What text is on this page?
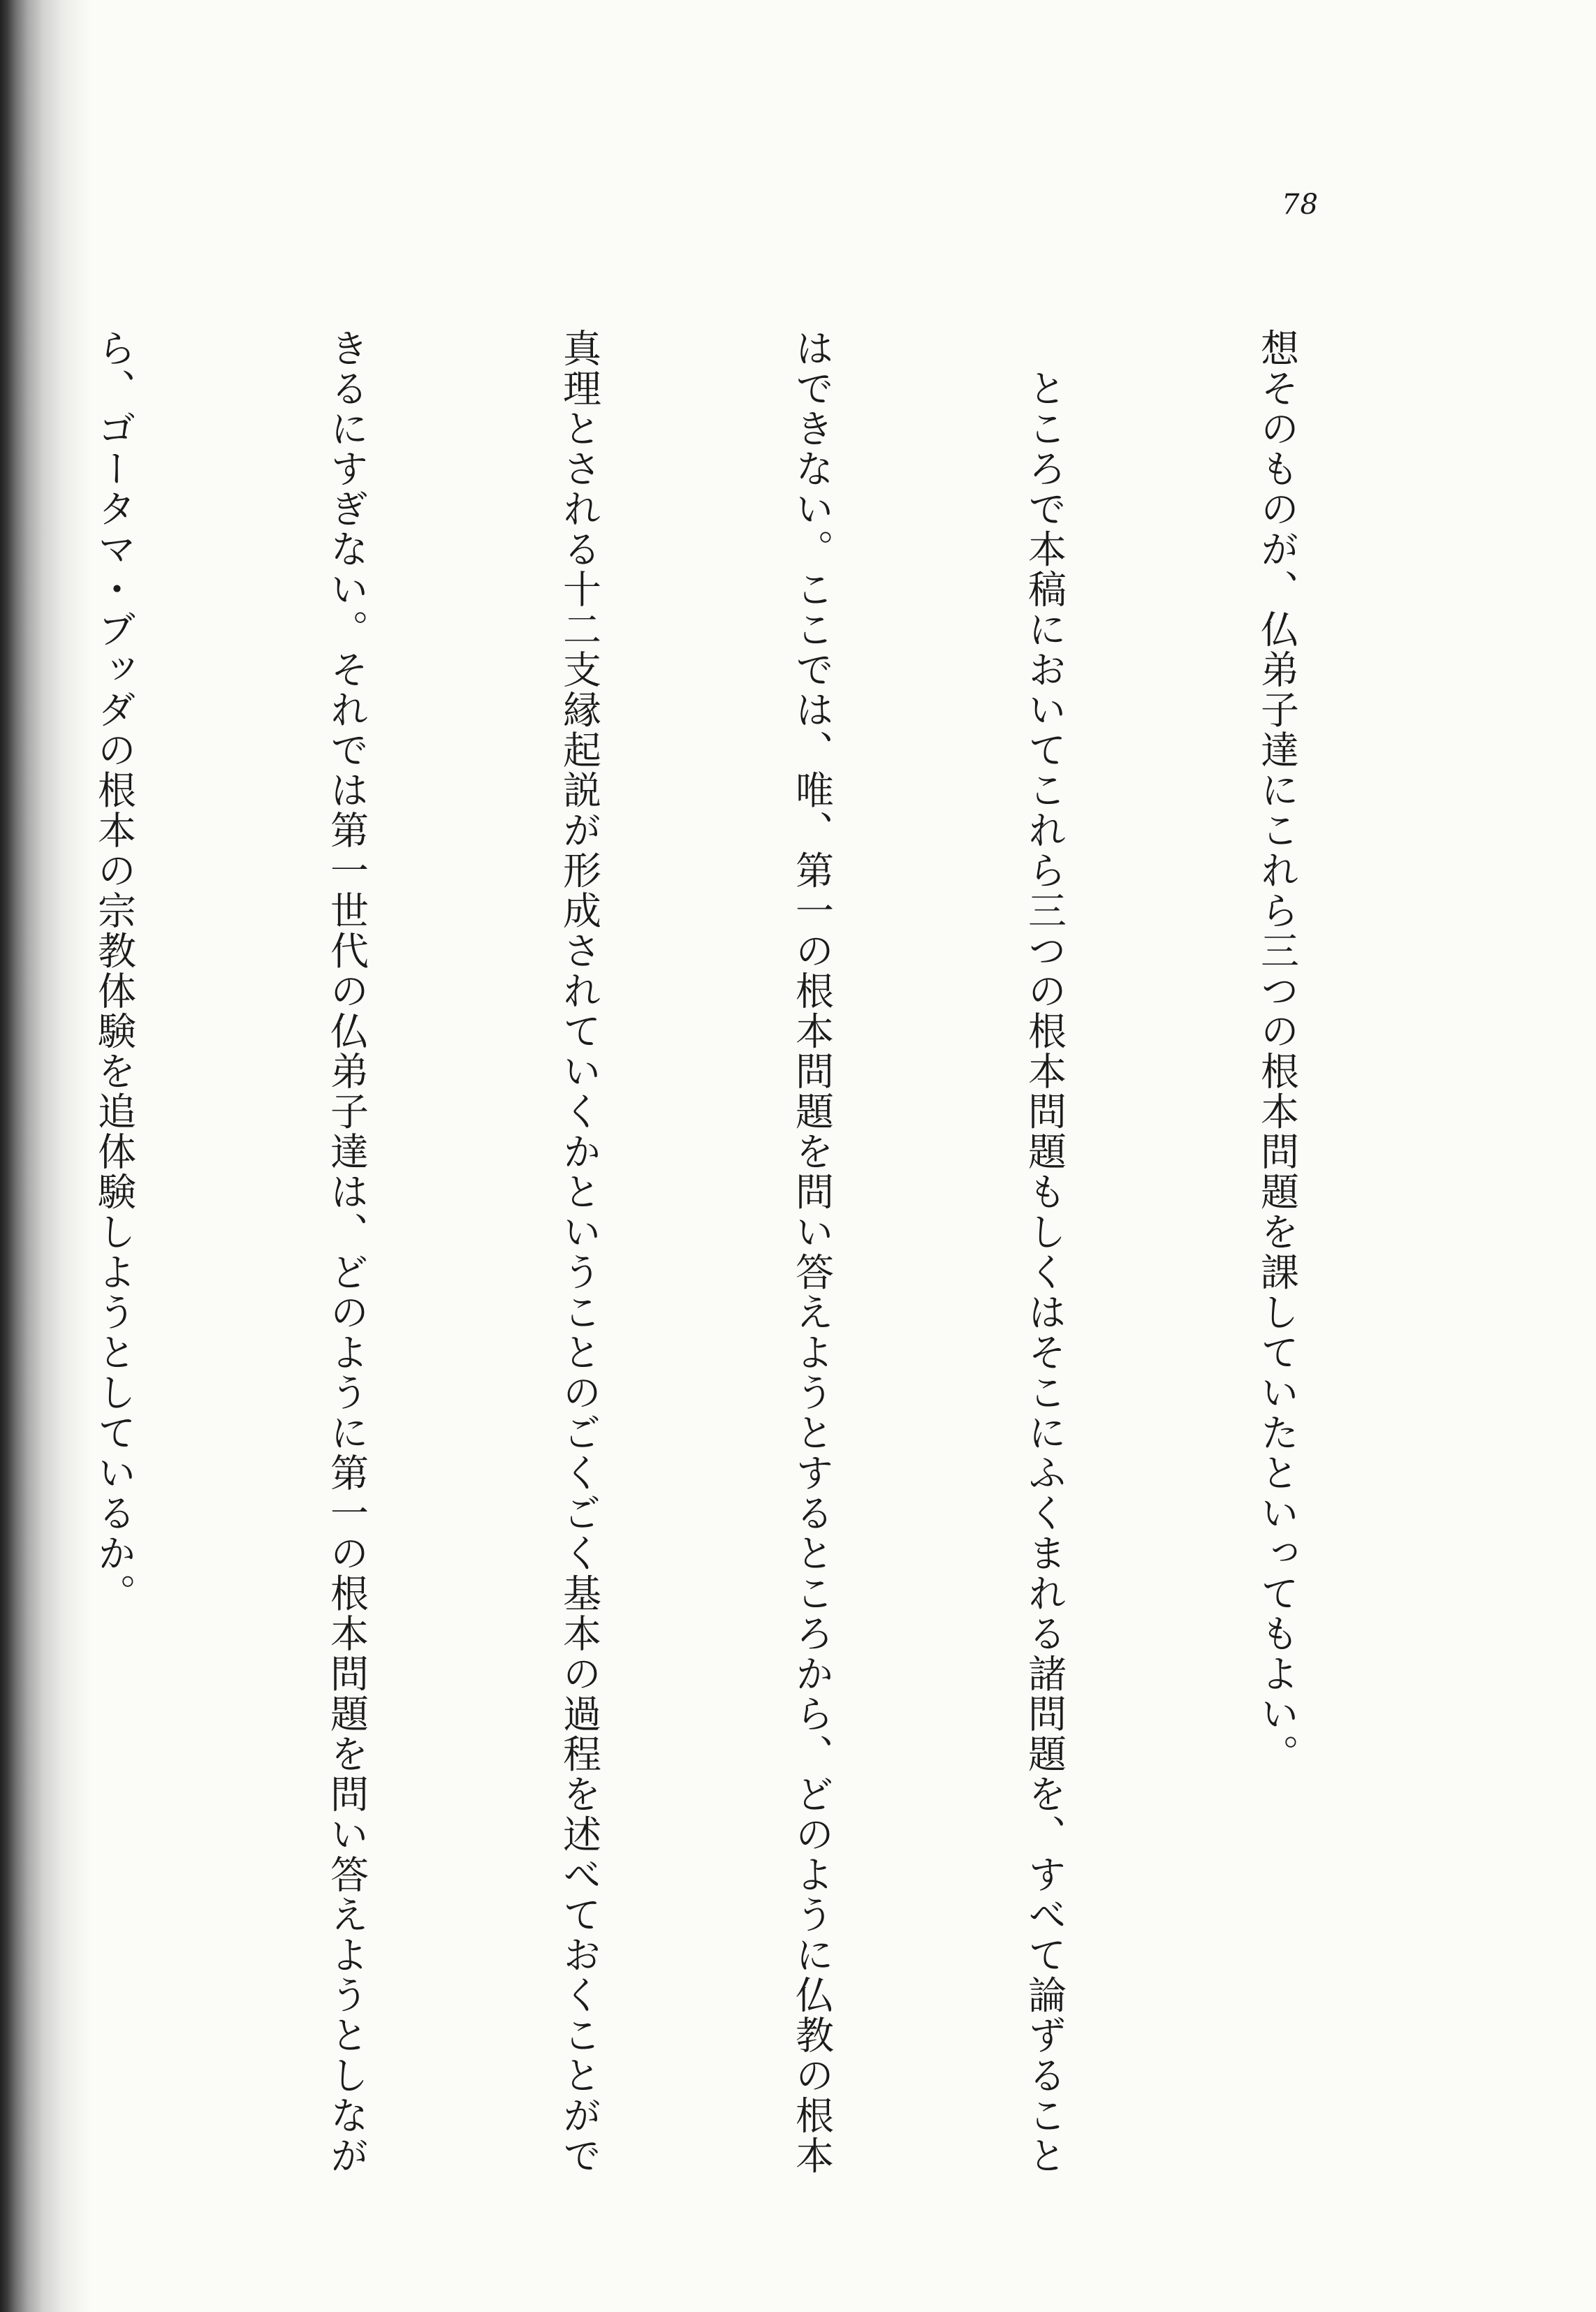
78

想そのものが、仏弟子達にこれら三つの根本問題を課していたといってもよい。

　ところで本稿においてこれら三つの根本問題もしくはそこにふくまれる諸問題を、すべて論ずること

はできない。ここでは、唯、第一の根本問題を問い答えようとするところから、どのように仏教の根本

真理とされる十二支縁起説が形成されていくかということのごくごく基本の過程を述べておくことがで

きるにすぎない。それでは第一世代の仏弟子達は、どのように第一の根本問題を問い答えようとしなが

ら、ゴータマ・ブッダの根本の宗教体験を追体験しようとしているか。
